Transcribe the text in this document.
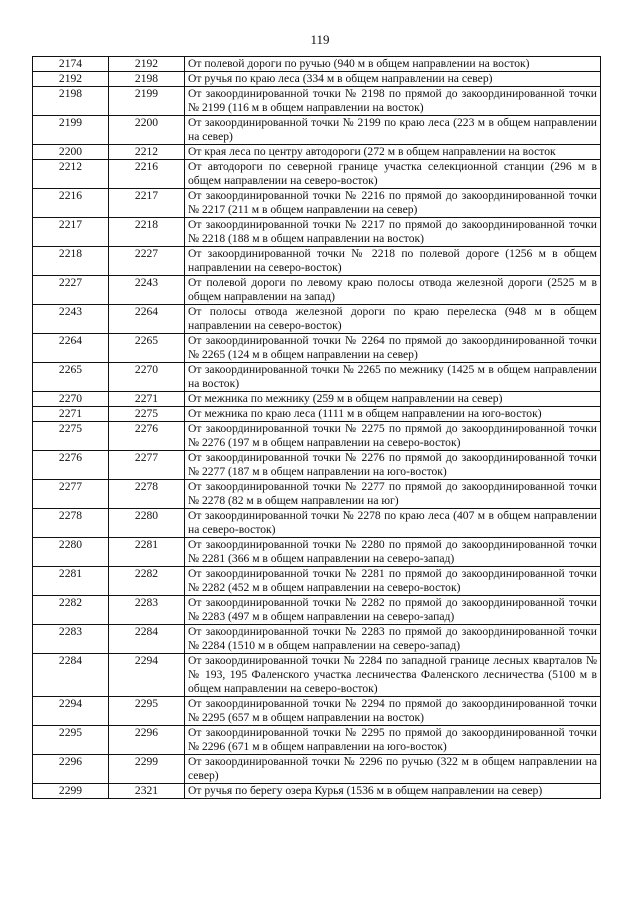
119
2174	2192	От полевой дороги по ручью (940 м в общем направлении на восток)
2192	2198	От ручья по краю леса (334 м в общем направлении на север)
2198	2199	От закоординированной точки № 2198 по прямой до закоординированной точки № 2199 (116 м в общем направлении на восток)
2199	2200	От закоординированной точки № 2199 по краю леса (223 м в общем направлении на север)
2200	2212	От края леса по центру автодороги (272 м в общем направлении на восток
2212	2216	От автодороги по северной границе участка селекционной станции (296 м в общем направлении на северо-восток)
2216	2217	От закоординированной точки № 2216 по прямой до закоординированной точки № 2217 (211 м в общем направлении на север)
2217	2218	От закоординированной точки № 2217 по прямой до закоординированной точки № 2218 (188 м в общем направлении на восток)
2218	2227	От закоординированной точки № 2218 по полевой дороге (1256 м в общем направлении на северо-восток)
2227	2243	От полевой дороги по левому краю полосы отвода железной дороги (2525 м в общем направлении на запад)
2243	2264	От полосы отвода железной дороги по краю перелеска (948 м в общем направлении на северо-восток)
2264	2265	От закоординированной точки № 2264 по прямой до закоординированной точки № 2265 (124 м в общем направлении на север)
2265	2270	От закоординированной точки № 2265 по межнику (1425 м в общем направлении на восток)
2270	2271	От межника по межнику (259 м в общем направлении на север)
2271	2275	От межника по краю леса (1111 м в общем направлении на юго-восток)
2275	2276	От закоординированной точки № 2275 по прямой до закоординированной точки № 2276 (197 м в общем направлении на северо-восток)
2276	2277	От закоординированной точки № 2276 по прямой до закоординированной точки № 2277 (187 м в общем направлении на юго-восток)
2277	2278	От закоординированной точки № 2277 по прямой до закоординированной точки № 2278 (82 м в общем направлении на юг)
2278	2280	От закоординированной точки № 2278 по краю леса (407 м в общем направлении на северо-восток)
2280	2281	От закоординированной точки № 2280 по прямой до закоординированной точки № 2281 (366 м в общем направлении на северо-запад)
2281	2282	От закоординированной точки № 2281 по прямой до закоординированной точки № 2282 (452 м в общем направлении на северо-восток)
2282	2283	От закоординированной точки № 2282 по прямой до закоординированной точки № 2283 (497 м в общем направлении на северо-запад)
2283	2284	От закоординированной точки № 2283 по прямой до закоординированной точки № 2284 (1510 м в общем направлении на северо-запад)
2284	2294	От закоординированной точки № 2284 по западной границе лесных кварталов №№ 193, 195 Фаленского участка лесничества Фаленского лесничества (5100 м в общем направлении на северо-восток)
2294	2295	От закоординированной точки № 2294 по прямой до закоординированной точки № 2295 (657 м в общем направлении на восток)
2295	2296	От закоординированной точки № 2295 по прямой до закоординированной точки № 2296 (671 м в общем направлении на юго-восток)
2296	2299	От закоординированной точки № 2296 по ручью (322 м в общем направлении на север)
2299	2321	От ручья по берегу озера Курья (1536 м в общем направлении на север)
